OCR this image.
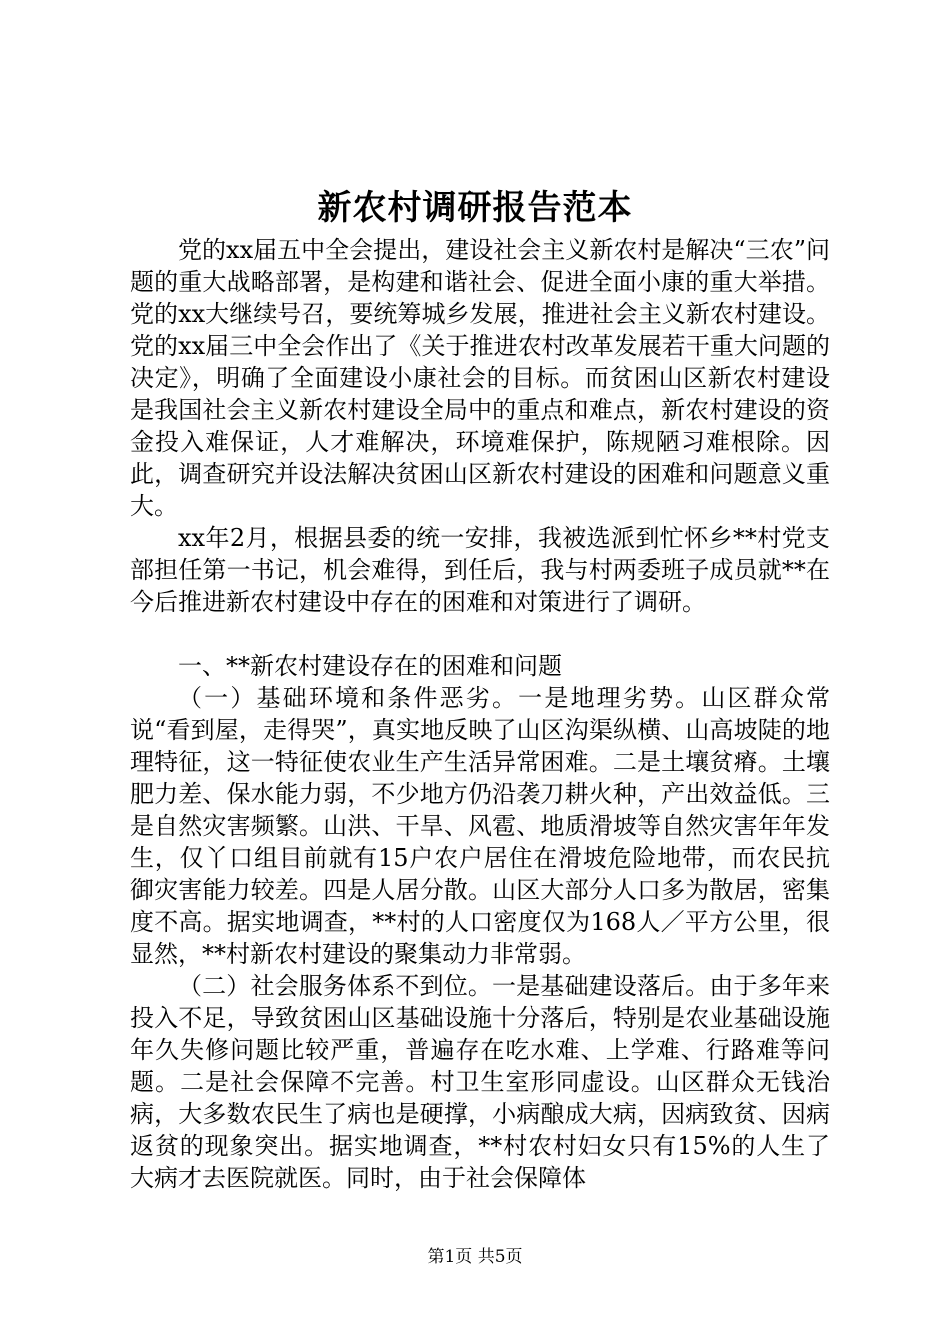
新农村调研报告范本

党的xx届五中全会提出，建设社会主义新农村是解决“三农”问题的重大战略部署，是构建和谐社会、促进全面小康的重大举措。党的xx大继续号召，要统筹城乡发展，推进社会主义新农村建设。党的xx届三中全会作出了《关于推进农村改革发展若干重大问题的决定》，明确了全面建设小康社会的目标。而贫困山区新农村建设是我国社会主义新农村建设全局中的重点和难点，新农村建设的资金投入难保证，人才难解决，环境难保护，陈规陋习难根除。因此，调查研究并设法解决贫困山区新农村建设的困难和问题意义重大。

xx年2月，根据县委的统一安排，我被选派到忙怀乡**村党支部担任第一书记，机会难得，到任后，我与村两委班子成员就**在今后推进新农村建设中存在的困难和对策进行了调研。

一、**新农村建设存在的困难和问题

（一）基础环境和条件恶劣。一是地理劣势。山区群众常说“看到屋，走得哭”，真实地反映了山区沟渠纵横、山高坡陡的地理特征，这一特征使农业生产生活异常困难。二是土壤贫瘠。土壤肥力差、保水能力弱，不少地方仍沿袭刀耕火种，产出效益低。三是自然灾害频繁。山洪、干旱、风雹、地质滑坡等自然灾害年年发生，仅丫口组目前就有15户农户居住在滑坡危险地带，而农民抗御灾害能力较差。四是人居分散。山区大部分人口多为散居，密集度不高。据实地调查，**村的人口密度仅为168人／平方公里，很显然，**村新农村建设的聚集动力非常弱。

（二）社会服务体系不到位。一是基础建设落后。由于多年来投入不足，导致贫困山区基础设施十分落后，特别是农业基础设施年久失修问题比较严重，普遍存在吃水难、上学难、行路难等问题。二是社会保障不完善。村卫生室形同虚设。山区群众无钱治病，大多数农民生了病也是硬撑，小病酿成大病，因病致贫、因病返贫的现象突出。据实地调查，**村农村妇女只有15%的人生了大病才去医院就医。同时，由于社会保障体

第1页 共5页
